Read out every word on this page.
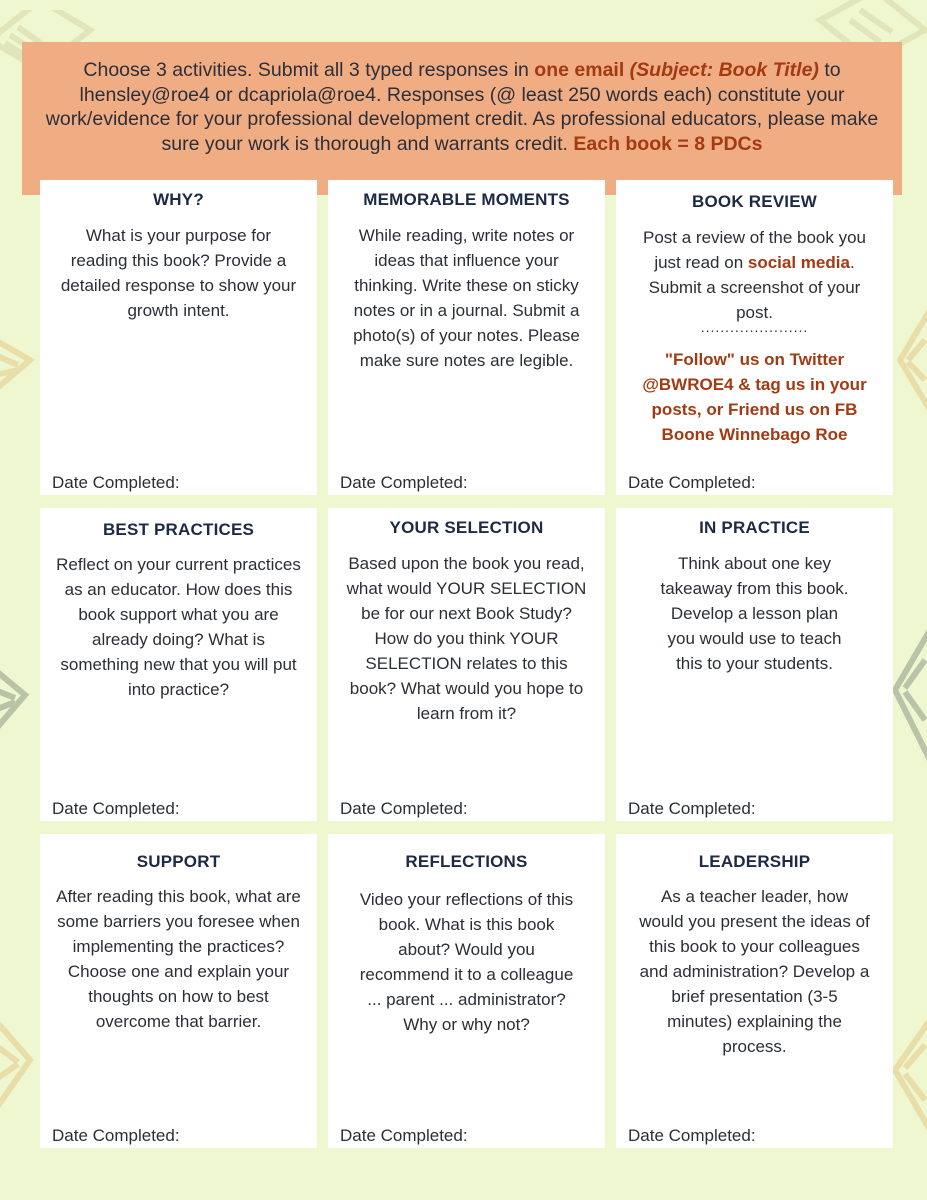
Choose 3 activities. Submit all 3 typed responses in one email (Subject: Book Title) to lhensley@roe4 or dcapriola@roe4. Responses (@ least 250 words each) constitute your work/evidence for your professional development credit. As professional educators, please make sure your work is thorough and warrants credit. Each book = 8 PDCs
WHY?
What is your purpose for reading this book? Provide a detailed response to show your growth intent.
Date Completed:
MEMORABLE MOMENTS
While reading, write notes or ideas that influence your thinking. Write these on sticky notes or in a journal. Submit a photo(s) of your notes. Please make sure notes are legible.
Date Completed:
BOOK REVIEW
Post a review of the book you just read on social media. Submit a screenshot of your post.
......................
"Follow" us on Twitter @BWROE4 & tag us in your posts, or Friend us on FB Boone Winnebago Roe
Date Completed:
BEST PRACTICES
Reflect on your current practices as an educator. How does this book support what you are already doing? What is something new that you will put into practice?
Date Completed:
YOUR SELECTION
Based upon the book you read, what would YOUR SELECTION be for our next Book Study? How do you think YOUR SELECTION relates to this book? What would you hope to learn from it?
Date Completed:
IN PRACTICE
Think about one key takeaway from this book. Develop a lesson plan you would use to teach this to your students.
Date Completed:
SUPPORT
After reading this book, what are some barriers you foresee when implementing the practices? Choose one and explain your thoughts on how to best overcome that barrier.
Date Completed:
REFLECTIONS
Video your reflections of this book. What is this book about? Would you recommend it to a colleague ... parent ... administrator? Why or why not?
Date Completed:
LEADERSHIP
As a teacher leader, how would you present the ideas of this book to your colleagues and administration? Develop a brief presentation (3-5 minutes) explaining the process.
Date Completed:
